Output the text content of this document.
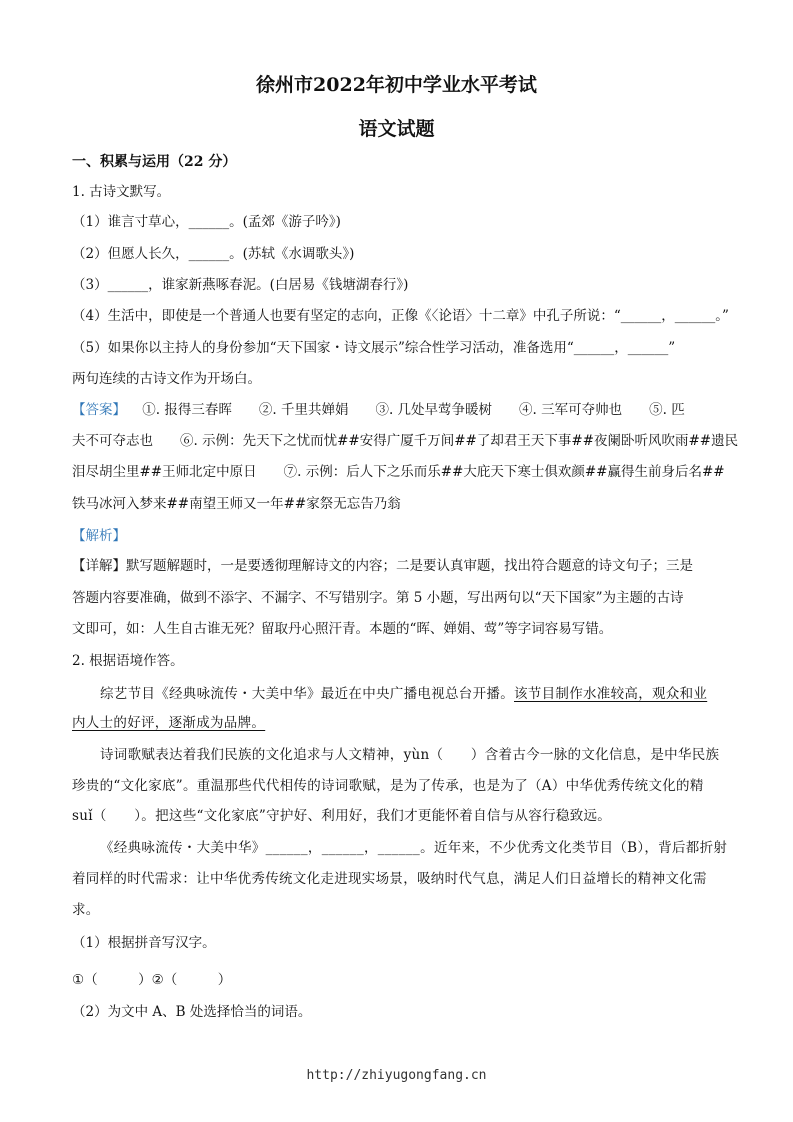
徐州市2022年初中学业水平考试
语文试题
一、积累与运用（22 分）
1. 古诗文默写。
（1）谁言寸草心，______。(孟郊《游子吟》)
（2）但愿人长久，______。(苏轼《水调歌头》)
（3）______，谁家新燕啄春泥。(白居易《钱塘湖春行》)
（4）生活中，即使是一个普通人也要有坚定的志向，正像《〈论语〉十二章》中孔子所说：“______，______。”
（5）如果你以主持人的身份参加“天下国家・诗文展示”综合性学习活动，准备选用“______，______”
两句连续的古诗文作为开场白。
【答案】 ①. 报得三春晖　　②. 千里共婵娟　　③. 几处早莺争暖树　　④. 三军可夺帅也　　⑤. 匹
夫不可夺志也　　⑥. 示例：先天下之忧而忧##安得广厦千万间##了却君王天下事##夜阑卧听风吹雨##遗民
泪尽胡尘里##王师北定中原日　　⑦. 示例：后人下之乐而乐##大庇天下寒士俱欢颜##赢得生前身后名##
铁马冰河入梦来##南望王师又一年##家祭无忘告乃翁
【解析】
【详解】默写题解题时，一是要透彻理解诗文的内容；二是要认真审题，找出符合题意的诗文句子；三是
答题内容要准确，做到不添字、不漏字、不写错别字。第 5 小题，写出两句以“天下国家”为主题的古诗
文即可，如：人生自古谁无死？留取丹心照汗青。本题的“晖、婵娟、莺”等字词容易写错。
2. 根据语境作答。
综艺节目《经典咏流传・大美中华》最近在中央广播电视总台开播。该节目制作水准较高，观众和业
内人士的好评，逐渐成为品牌。
诗词歌赋表达着我们民族的文化追求与人文精神，yùn（　　）含着古今一脉的文化信息，是中华民族
珍贵的“文化家底”。重温那些代代相传的诗词歌赋，是为了传承，也是为了（A）中华优秀传统文化的精
suǐ（　　）。把这些“文化家底”守护好、利用好，我们才更能怀着自信与从容行稳致远。
《经典咏流传・大美中华》______，______，______。近年来，不少优秀文化类节目（B），背后都折射
着同样的时代需求：让中华优秀传统文化走进现实场景，吸纳时代气息，满足人们日益增长的精神文化需
求。
（1）根据拼音写汉字。
①（　　　）②（　　　）
（2）为文中 A、B 处选择恰当的词语。
http://zhiyugongfang.cn
